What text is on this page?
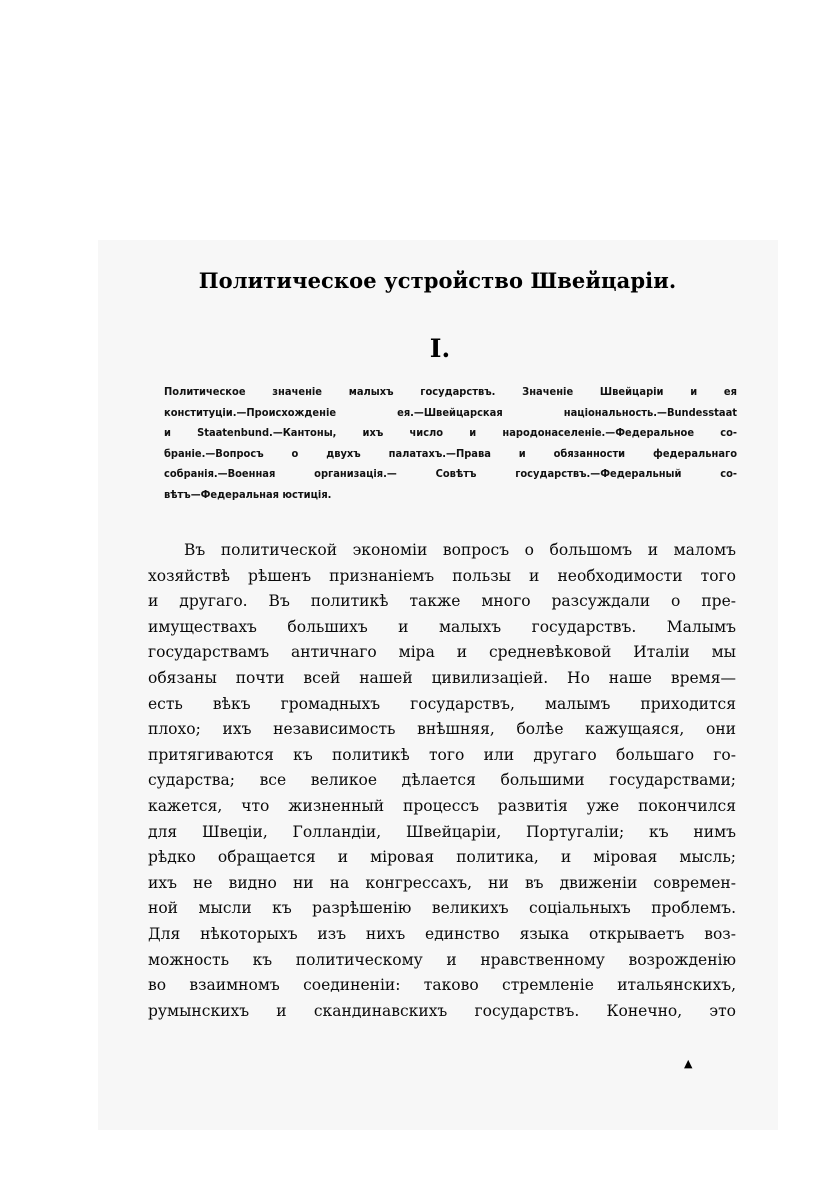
Политическое устройство Швейцаріи.
I.
Политическое значеніе малыхъ государствъ. Значеніе Швейцаріи и ея
конституціи.—Происхожденіе ея.—Швейцарская національность.—Bundesstaat
и Staatenbund.—Кантоны, ихъ число и народонаселеніе.—Федеральное со-
браніе.—Вопросъ о двухъ палатахъ.—Права и обязанности федеральнаго
собранія.—Военная организація.— Совѣтъ государствъ.—Федеральный со-
вѣтъ—Федеральная юстиція.
Въ политической экономіи вопросъ о большомъ и маломъ
хозяйствѣ рѣшенъ признаніемъ пользы и необходимости того
и другаго. Въ политикѣ также много разсуждали о пре-
имуществахъ большихъ и малыхъ государствъ. Малымъ
государствамъ античнаго міра и средневѣковой Италіи мы
обязаны почти всей нашей цивилизаціей. Но наше время—
есть вѣкъ громадныхъ государствъ, малымъ приходится
плохо; ихъ независимость внѣшняя, болѣе кажущаяся, они
притягиваются къ политикѣ того или другаго большаго го-
сударства; все великое дѣлается большими государствами;
кажется, что жизненный процессъ развитія уже покончился
для Швеціи, Голландіи, Швейцаріи, Португаліи; къ нимъ
рѣдко обращается и міровая политика, и міровая мысль;
ихъ не видно ни на конгрессахъ, ни въ движеніи современ-
ной мысли къ разрѣшенію великихъ соціальныхъ проблемъ.
Для нѣкоторыхъ изъ нихъ единство языка открываетъ воз-
можность къ политическому и нравственному возрожденію
во взаимномъ соединеніи: таково стремленіе итальянскихъ,
румынскихъ и скандинавскихъ государствъ. Конечно, это
▲
